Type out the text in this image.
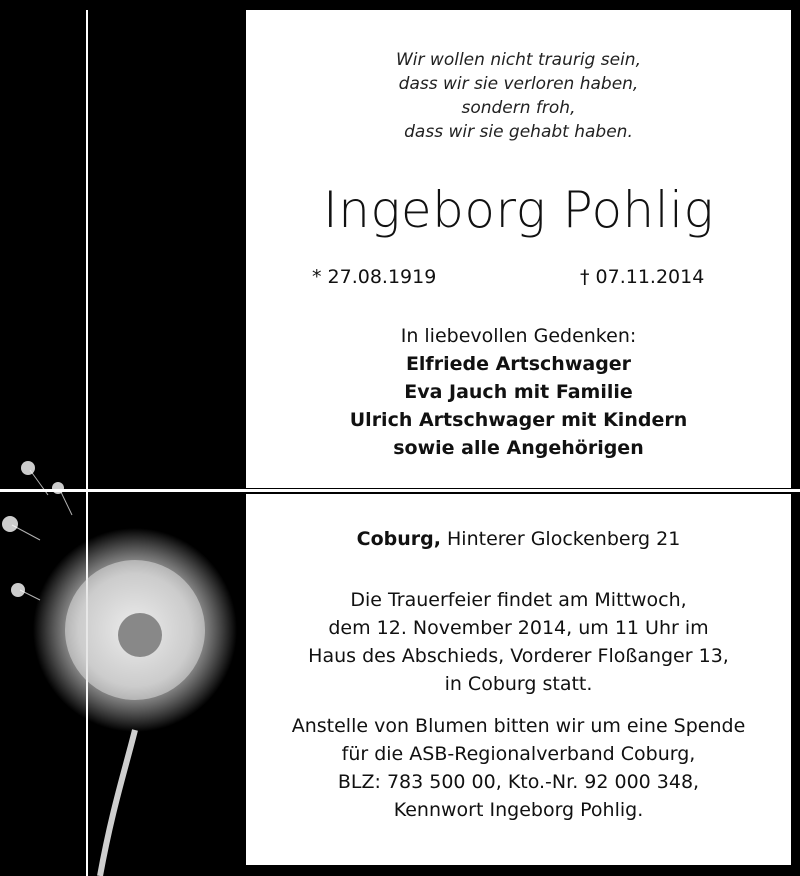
Wir wollen nicht traurig sein,
dass wir sie verloren haben,
sondern froh,
dass wir sie gehabt haben.
Ingeborg Pohlig
* 27.08.1919	† 07.11.2014
In liebevollen Gedenken:
Elfriede Artschwager
Eva Jauch mit Familie
Ulrich Artschwager mit Kindern
sowie alle Angehörigen
Coburg, Hinterer Glockenberg 21
Die Trauerfeier findet am Mittwoch,
dem 12. November 2014, um 11 Uhr im
Haus des Abschieds, Vorderer Floßanger 13,
in Coburg statt.
Anstelle von Blumen bitten wir um eine Spende
für die ASB-Regionalverband Coburg,
BLZ: 783 500 00, Kto.-Nr. 92 000 348,
Kennwort Ingeborg Pohlig.
